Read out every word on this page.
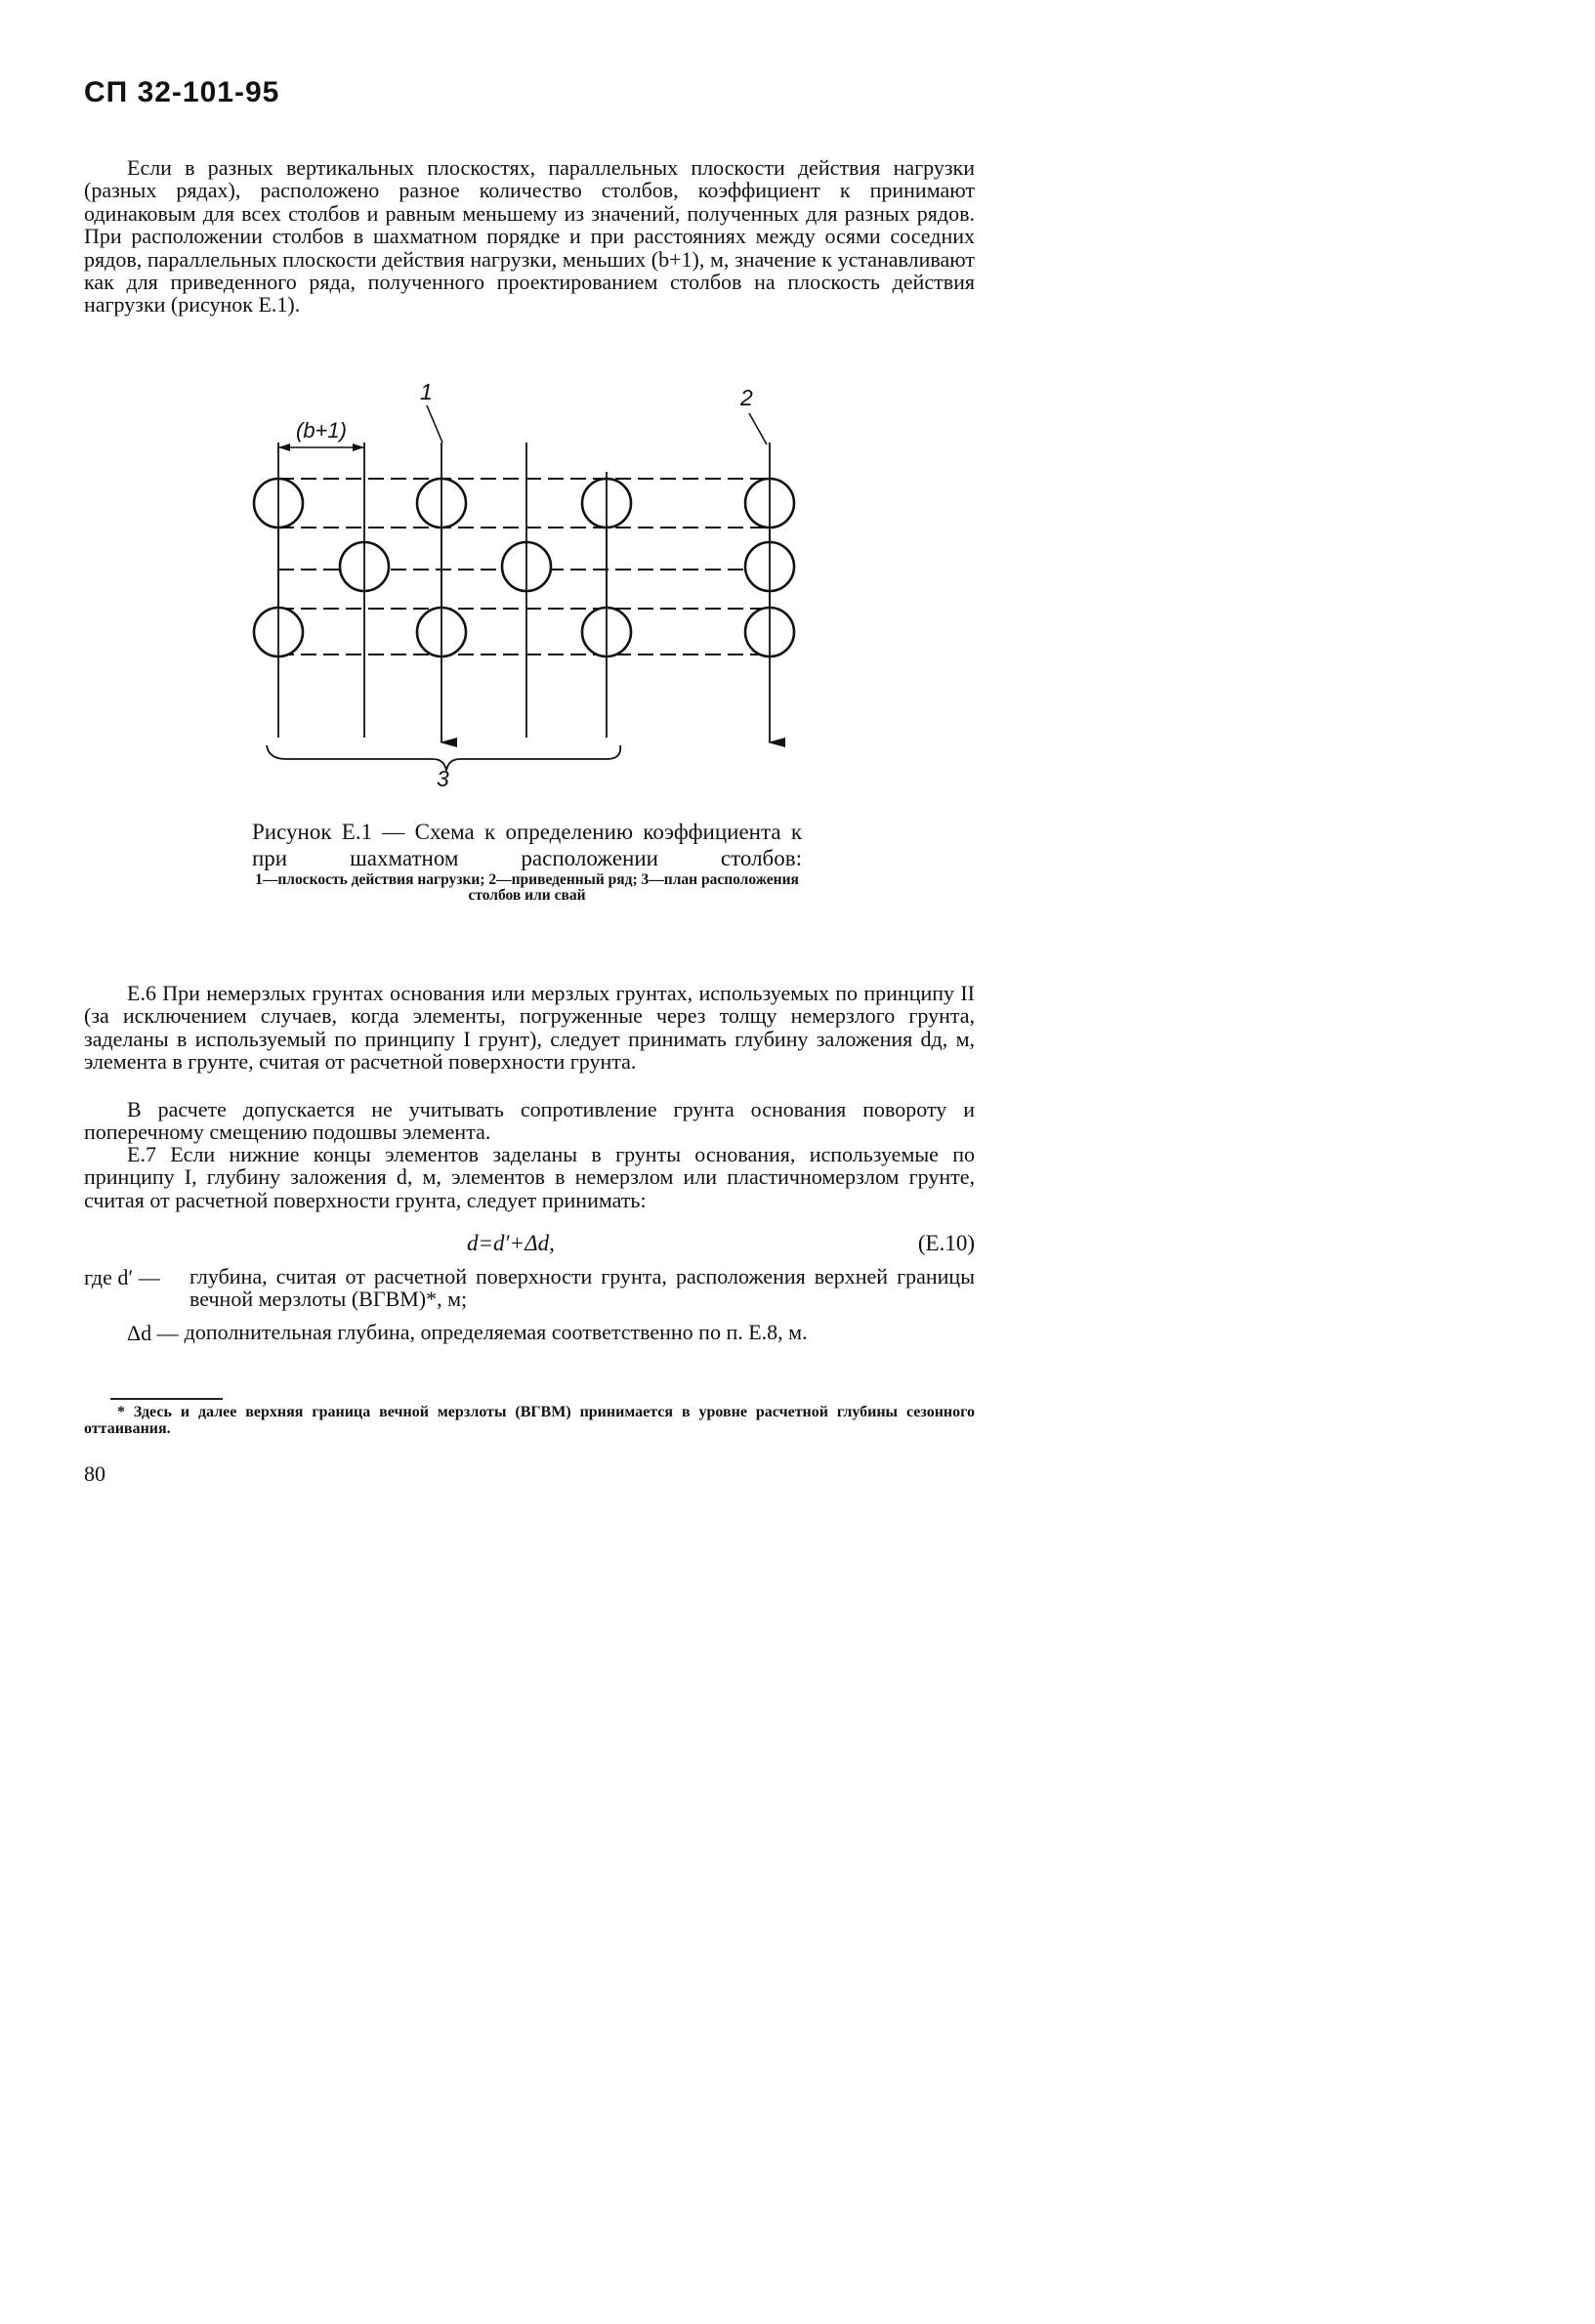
СП 32-101-95

Если в разных вертикальных плоскостях, параллельных плоскости действия нагрузки (разных рядах), расположено разное количество столбов, коэффициент к принимают одинаковым для всех столбов и равным меньшему из значений, полученных для разных рядов. При расположении столбов в шахматном порядке и при расстояниях между осями соседних рядов, параллельных плоскости действия нагрузки, меньших (b+1), м, значение к устанавливают как для приведенного ряда, полученного проектированием столбов на плоскость действия нагрузки (рисунок Е.1).

(b+1)
1	2
3

Рисунок Е.1 — Схема к определению коэффициента к при шахматном расположении столбов:

1—плоскость действия нагрузки; 2—приведенный ряд; 3—план расположения столбов или свай

Е.6 При немерзлых грунтах основания или мерзлых грунтах, используемых по принципу II (за исключением случаев, когда элементы, погруженные через толщу немерзлого грунта, заделаны в используемый по принципу I грунт), следует принимать глубину заложения dд, м, элемента в грунте, считая от расчетной поверхности грунта.

В расчете допускается не учитывать сопротивление грунта основания повороту и поперечному смещению подошвы элемента.

Е.7 Если нижние концы элементов заделаны в грунты основания, используемые по принципу I, глубину заложения d, м, элементов в немерзлом или пластичномерзлом грунте, считая от расчетной поверхности грунта, следует принимать:

d=d′+Δd,	(Е.10)
где d′ —	глубина, считая от расчетной поверхности грунта, расположения верхней границы вечной мерзлоты (ВГВМ)*, м;
Δd — дополнительная глубина, определяемая соответственно по п. Е.8, м.

* Здесь и далее верхняя граница вечной мерзлоты (ВГВМ) принимается в уровне расчетной глубины сезонного оттаивания.

80
